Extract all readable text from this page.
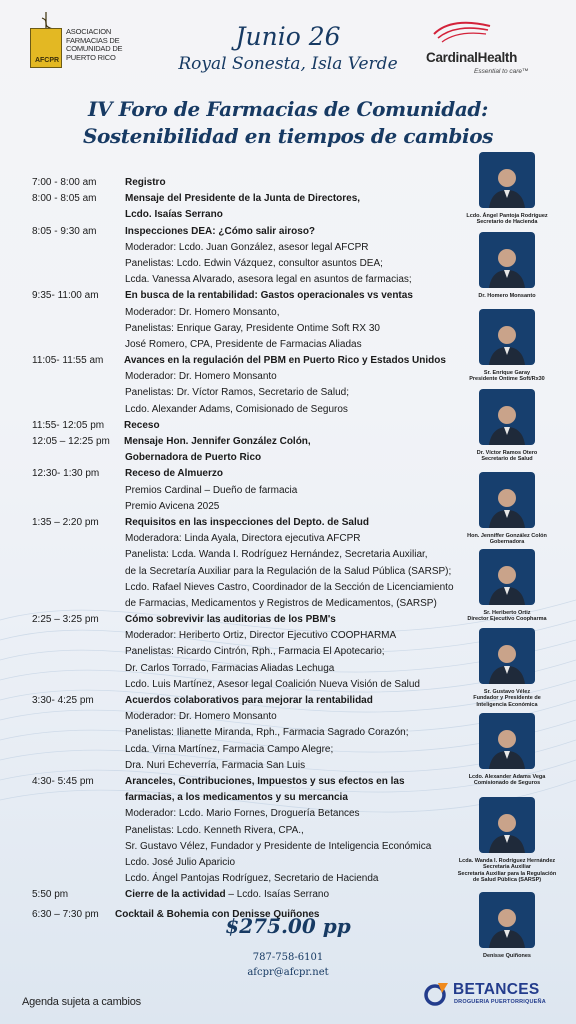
AFCPR
ASOCIACION
FARMACIAS DE
COMUNIDAD DE
PUERTO RICO
Junio 26
Royal Sonesta, Isla Verde	CardinalHealth
Essential to care™
IV Foro de Farmacias de Comunidad:
Sostenibilidad en tiempos de cambios
7:00 - 8:00 am	Registro
8:00 - 8:05 am	Mensaje del Presidente de la Junta de Directores,
Lcdo. Isaías Serrano
8:05 - 9:30 am	Inspecciones DEA: ¿Cómo salir airoso?
Moderador: Lcdo. Juan González, asesor legal AFCPR
Panelistas: Lcdo. Edwin Vázquez, consultor asuntos DEA;
Lcda. Vanessa Alvarado, asesora legal en asuntos de farmacias;
9:35- 11:00 am	En busca de la rentabilidad: Gastos operacionales vs ventas
Moderador: Dr. Homero Monsanto,
Panelistas: Enrique Garay, Presidente Ontime Soft RX 30
José Romero, CPA, Presidente de Farmacias Aliadas
11:05- 11:55 am Avances en la regulación del PBM en Puerto Rico y Estados Unidos
Moderador: Dr. Homero Monsanto
Panelistas: Dr. Víctor Ramos, Secretario de Salud;
Lcdo. Alexander Adams, Comisionado de Seguros
11:55- 12:05 pm Receso
12:05 – 12:25 pm Mensaje Hon. Jennifer González Colón,
Gobernadora de Puerto Rico
12:30- 1:30 pm	Receso de Almuerzo
Premios Cardinal – Dueño de farmacia
Premio Avicena 2025
1:35 – 2:20 pm	Requisitos en las inspecciones del Depto. de Salud
Moderadora: Linda Ayala, Directora ejecutiva AFCPR
Panelista: Lcda. Wanda I. Rodríguez Hernández, Secretaria Auxiliar,
de la Secretaría Auxiliar para la Regulación de la Salud Pública (SARSP);
Lcdo. Rafael Nieves Castro, Coordinador de la Sección de Licenciamiento
de Farmacias, Medicamentos y Registros de Medicamentos, (SARSP)
2:25 – 3:25 pm	Cómo sobrevivir las auditorias de los PBM's
Moderador: Heriberto Ortiz, Director Ejecutivo COOPHARMA
Panelistas: Ricardo Cintrón, Rph., Farmacia El Apotecario;
Dr. Carlos Torrado, Farmacias Aliadas Lechuga
Lcdo. Luis Martínez, Asesor legal Coalición Nueva Visión de Salud
3:30- 4:25 pm	Acuerdos colaborativos para mejorar la rentabilidad
Moderador: Dr. Homero Monsanto
Panelistas: Ilianette Miranda, Rph., Farmacia Sagrado Corazón;
Lcda. Virna Martínez, Farmacia Campo Alegre;
Dra. Nuri Echeverría, Farmacia San Luis
4:30- 5:45 pm	Aranceles, Contribuciones, Impuestos y sus efectos en las
farmacias, a los medicamentos y su mercancia
Moderador: Lcdo. Mario Fornes, Droguería Betances
Panelistas: Lcdo. Kenneth Rivera, CPA.,
Sr. Gustavo Vélez, Fundador y Presidente de Inteligencia Económica
Lcdo. José Julio Aparicio
Lcdo. Ángel Pantojas Rodríguez, Secretario de Hacienda
5:50 pm	Cierre de la actividad – Lcdo. Isaías Serrano
6:30 – 7:30 pm Cocktail & Bohemia con Denisse Quiñones
Lcdo. Ángel Pantoja Rodríguez
Secretario de Hacienda
Dr. Homero Monsanto
Sr. Enrique Garay
Presidente Ontime Soft/Rx30
Dr. Víctor Ramos Otero
Secretario de Salud
Hon. Jenniffer González Colón
Gobernadora
Sr. Heriberto Ortiz
Director Ejecutivo Coopharma
Sr. Gustavo Vélez
Fundador y Presidente de
Inteligencia Económica
Lcdo. Alexander Adams Vega
Comisionado de Seguros
Lcda. Wanda I. Rodríguez Hernández
Secretaria Auxiliar
Secretaría Auxiliar para la Regulación
de Salud Pública (SARSP)
Denisse Quiñones
$275.00 pp
787-758-6101
afcpr@afcpr.net
Agenda sujeta a cambios
BETANCES
DROGUERIA PUERTORRIQUEÑA
